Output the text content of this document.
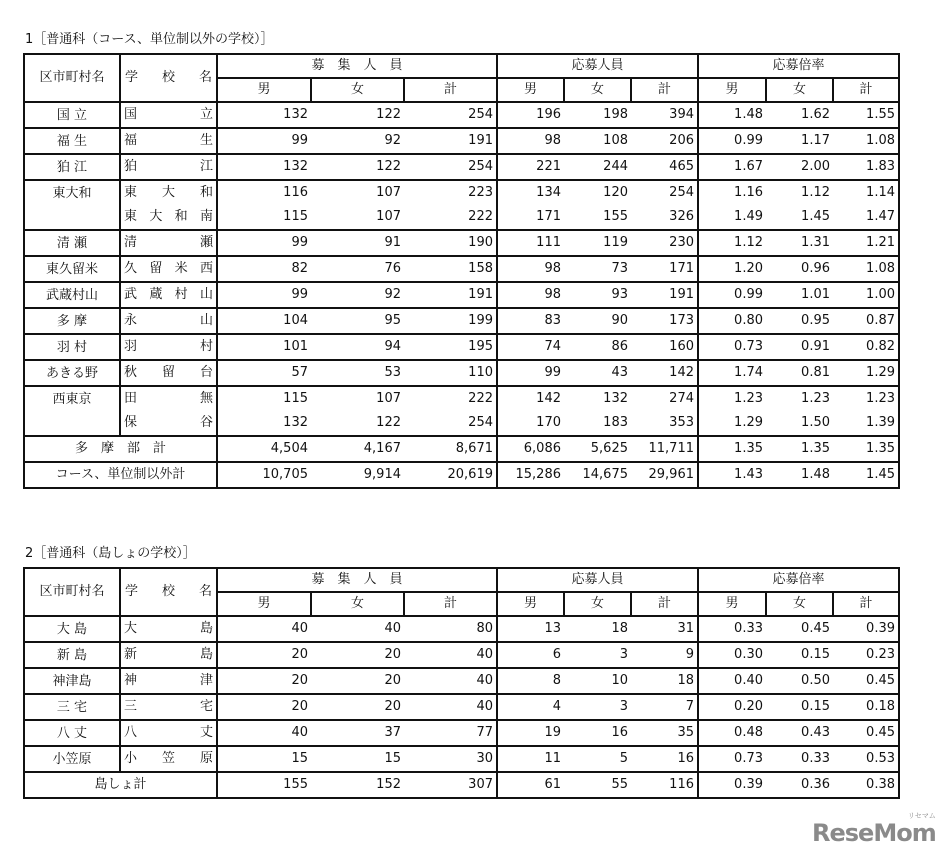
1［普通科（コース、単位制以外の学校）］
区市町村名	学　校　名	募　集　人　員			応募人員			応募倍率		
		男	女	計	男	女	計	男	女	計
国 立	国立	132	122	254	196	198	394	1.48	1.62	1.55
福 生	福生	99	92	191	98	108	206	0.99	1.17	1.08
狛 江	狛江	132	122	254	221	244	465	1.67	2.00	1.83
東大和	東大和	116	107	223	134	120	254	1.16	1.12	1.14
	東大和南	115	107	222	171	155	326	1.49	1.45	1.47
清 瀬	清瀬	99	91	190	111	119	230	1.12	1.31	1.21
東久留米	久留米西	82	76	158	98	73	171	1.20	0.96	1.08
武蔵村山	武蔵村山	99	92	191	98	93	191	0.99	1.01	1.00
多 摩	永山	104	95	199	83	90	173	0.80	0.95	0.87
羽 村	羽村	101	94	195	74	86	160	0.73	0.91	0.82
あきる野	秋留台	57	53	110	99	43	142	1.74	0.81	1.29
西東京	田無	115	107	222	142	132	274	1.23	1.23	1.23
	保谷	132	122	254	170	183	353	1.29	1.50	1.39
多　摩　部　計		4,504	4,167	8,671	6,086	5,625	11,711	1.35	1.35	1.35
コース、単位制以外計		10,705	9,914	20,619	15,286	14,675	29,961	1.43	1.48	1.45
2［普通科（島しょの学校）］
区市町村名	学　校　名	募　集　人　員			応募人員			応募倍率		
		男	女	計	男	女	計	男	女	計
大 島	大島	40	40	80	13	18	31	0.33	0.45	0.39
新 島	新島	20	20	40	6	3	9	0.30	0.15	0.23
神津島	神津	20	20	40	8	10	18	0.40	0.50	0.45
三 宅	三宅	20	20	40	4	3	7	0.20	0.15	0.18
八 丈	八丈	40	37	77	19	16	35	0.48	0.43	0.45
小笠原	小笠原	15	15	30	11	5	16	0.73	0.33	0.53
島しょ計		155	152	307	61	55	116	0.39	0.36	0.38
リセマム
ReseMom
